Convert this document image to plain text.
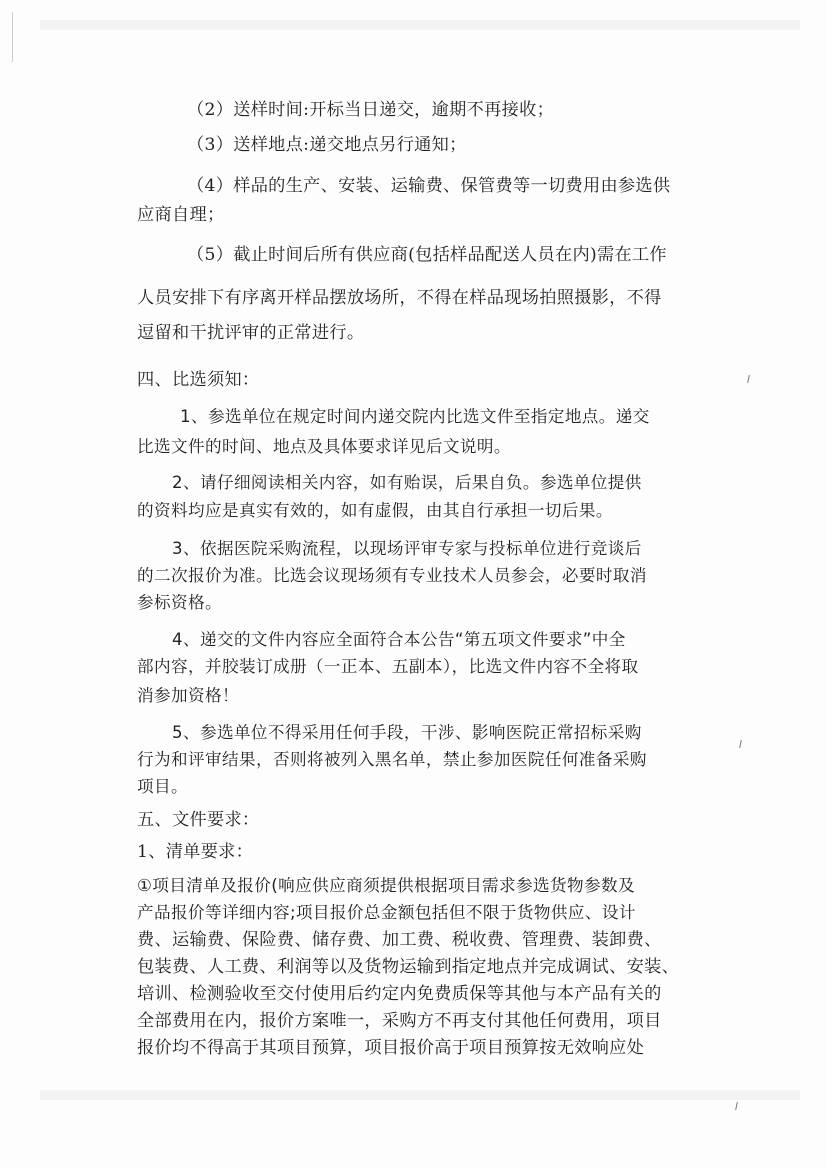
（2）送样时间:开标当日递交，逾期不再接收；
（3）送样地点:递交地点另行通知；
（4）样品的生产、安装、运输费、保管费等一切费用由参选供
应商自理；
（5）截止时间后所有供应商(包括样品配送人员在内)需在工作
人员安排下有序离开样品摆放场所，不得在样品现场拍照摄影，不得
逗留和干扰评审的正常进行。
四、比选须知：
1、参选单位在规定时间内递交院内比选文件至指定地点。递交
比选文件的时间、地点及具体要求详见后文说明。
2、请仔细阅读相关内容，如有贻误，后果自负。参选单位提供
的资料均应是真实有效的，如有虚假，由其自行承担一切后果。
3、依据医院采购流程，以现场评审专家与投标单位进行竞谈后
的二次报价为准。比选会议现场须有专业技术人员参会，必要时取消
参标资格。
4、递交的文件内容应全面符合本公告“第五项文件要求”中全
部内容，并胶装订成册（一正本、五副本），比选文件内容不全将取
消参加资格！
5、参选单位不得采用任何手段，干涉、影响医院正常招标采购
行为和评审结果，否则将被列入黑名单，禁止参加医院任何准备采购
项目。
五、文件要求：
1、清单要求：
①项目清单及报价(响应供应商须提供根据项目需求参选货物参数及
产品报价等详细内容;项目报价总金额包括但不限于货物供应、设计
费、运输费、保险费、储存费、加工费、税收费、管理费、装卸费、
包装费、人工费、利润等以及货物运输到指定地点并完成调试、安装、
培训、检测验收至交付使用后约定内免费质保等其他与本产品有关的
全部费用在内，报价方案唯一，采购方不再支付其他任何费用，项目
报价均不得高于其项目预算，项目报价高于项目预算按无效响应处
